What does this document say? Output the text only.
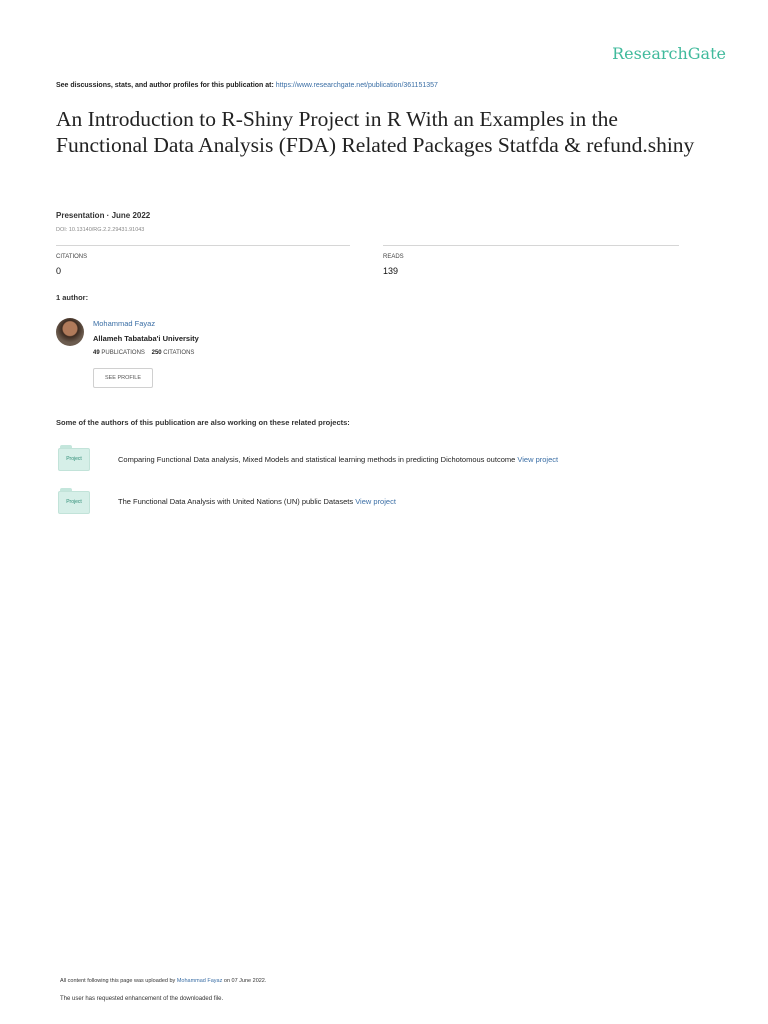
ResearchGate
See discussions, stats, and author profiles for this publication at: https://www.researchgate.net/publication/361151357
An Introduction to R-Shiny Project in R With an Examples in the Functional Data Analysis (FDA) Related Packages Statfda & refund.shiny
Presentation · June 2022
DOI: 10.13140/RG.2.2.29431.91043
CITATIONS
0
READS
139
1 author:
Mohammad Fayaz
Allameh Tabataba'i University
49 PUBLICATIONS 250 CITATIONS
SEE PROFILE
Some of the authors of this publication are also working on these related projects:
Project	Comparing Functional Data analysis, Mixed Models and statistical learning methods in predicting Dichotomous outcome View project
Project	The Functional Data Analysis with United Nations (UN) public Datasets View project
All content following this page was uploaded by Mohammad Fayaz on 07 June 2022.
The user has requested enhancement of the downloaded file.
